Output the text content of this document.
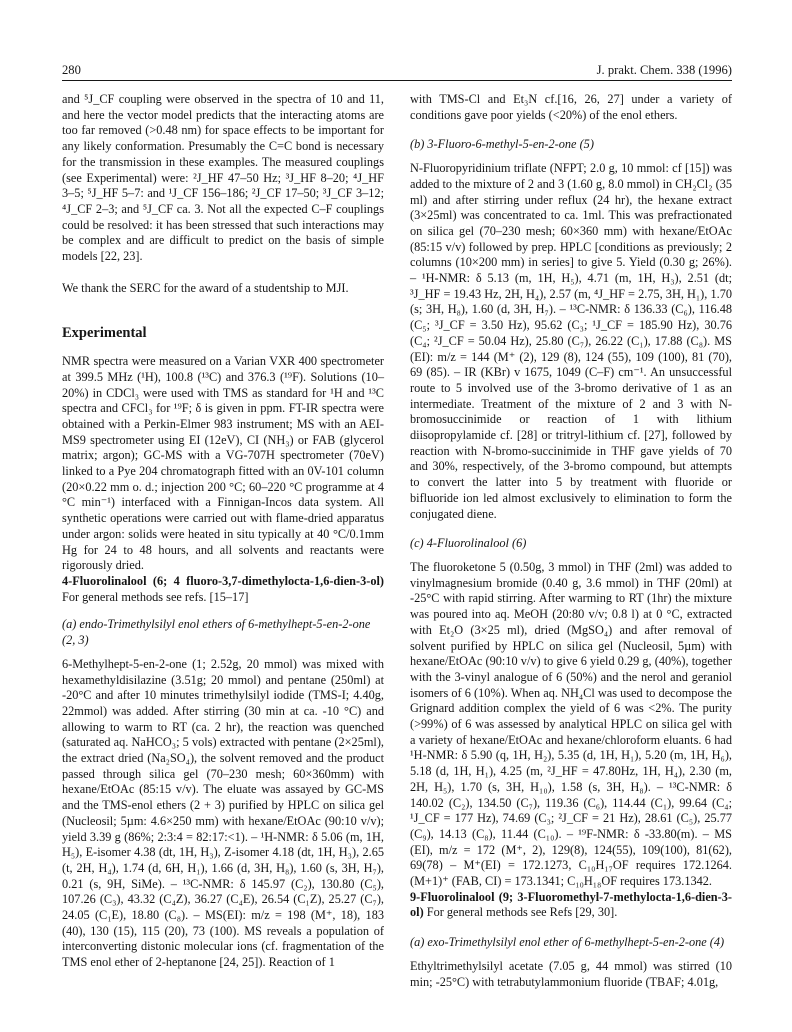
280	J. prakt. Chem. 338 (1996)

and ⁵J_CF coupling were observed in the spectra of 10 and 11, and here the vector model predicts that the interacting atoms are too far removed (>0.48 nm) for space effects to be important for any likely conformation. Presumably the C=C bond is necessary for the transmission in these examples. The measured couplings (see Experimental) were: ²J_HF 47–50 Hz; ³J_HF 8–20; ⁴J_HF 3–5; ⁵J_HF 5–7: and ¹J_CF 156–186; ²J_CF 17–50; ³J_CF 3–12; ⁴J_CF 2–3; and ⁵J_CF ca. 3. Not all the expected C–F couplings could be resolved: it has been stressed that such interactions may be complex and are difficult to predict on the basis of simple models [22, 23].

We thank the SERC for the award of a studentship to MJI.

Experimental

NMR spectra were measured on a Varian VXR 400 spectrometer at 399.5 MHz (¹H), 100.8 (¹³C) and 376.3 (¹⁹F). Solutions (10–20%) in CDCl₃ were used with TMS as standard for ¹H and ¹³C spectra and CFCl₃ for ¹⁹F; δ is given in ppm. FT-IR spectra were obtained with a Perkin-Elmer 983 instrument; MS with an AEI-MS9 spectrometer using EI (12eV), CI (NH₃) or FAB (glycerol matrix; argon); GC-MS with a VG-707H spectrometer (70eV) linked to a Pye 204 chromatograph fitted with an 0V-101 column (20×0.22 mm o. d.; injection 200 °C; 60–220 °C programme at 4 °C min⁻¹) interfaced with a Finnigan-Incos data system. All synthetic operations were carried out with flame-dried apparatus under argon: solids were heated in situ typically at 40 °C/0.1mm Hg for 24 to 48 hours, and all solvents and reactants were rigorously dried.

4-Fluorolinalool (6; 4 fluoro-3,7-dimethylocta-1,6-dien-3-ol) For general methods see refs. [15–17]

(a) endo-Trimethylsilyl enol ethers of 6-methylhept-5-en-2-one (2, 3)

6-Methylhept-5-en-2-one (1; 2.52g, 20 mmol) was mixed with hexamethyldisilazine (3.51g; 20 mmol) and pentane (250ml) at -20°C and after 10 minutes trimethylsilyl iodide (TMS-I; 4.40g, 22mmol) was added. After stirring (30 min at ca. -10 °C) and allowing to warm to RT (ca. 2 hr), the reaction was quenched (saturated aq. NaHCO₃; 5 vols) extracted with pentane (2×25ml), the extract dried (Na₂SO₄), the solvent removed and the product passed through silica gel (70–230 mesh; 60×360mm) with hexane/EtOAc (85:15 v/v). The eluate was assayed by GC-MS and the TMS-enol ethers (2 + 3) purified by HPLC on silica gel (Nucleosil; 5µm: 4.6×250 mm) with hexane/EtOAc (90:10 v/v); yield 3.39 g (86%; 2:3:4 = 82:17:<1). – ¹H-NMR: δ 5.06 (m, 1H, H₅), E-isomer 4.38 (dt, 1H, H₃), Z-isomer 4.18 (dt, 1H, H₃), 2.65 (t, 2H, H₄), 1.74 (d, 6H, H₁), 1.66 (d, 3H, H₈), 1.60 (s, 3H, H₇), 0.21 (s, 9H, SiMe). – ¹³C-NMR: δ 145.97 (C₂), 130.80 (C₅), 107.26 (C₃), 43.32 (C₄Z), 36.27 (C₄E), 26.54 (C₁Z), 25.27 (C₇), 24.05 (C₁E), 18.80 (C₈). – MS(EI): m/z = 198 (M⁺, 18), 183 (40), 130 (15), 115 (20), 73 (100). MS reveals a population of interconverting distonic molecular ions (cf. fragmentation of the TMS enol ether of 2-heptanone [24, 25]). Reaction of 1

with TMS-Cl and Et₃N cf.[16, 26, 27] under a variety of conditions gave poor yields (<20%) of the enol ethers.

(b) 3-Fluoro-6-methyl-5-en-2-one (5)

N-Fluoropyridinium triflate (NFPT; 2.0 g, 10 mmol: cf [15]) was added to the mixture of 2 and 3 (1.60 g, 8.0 mmol) in CH₂Cl₂ (35 ml) and after stirring under reflux (24 hr), the hexane extract (3×25ml) was concentrated to ca. 1ml. This was prefractionated on silica gel (70–230 mesh; 60×360 mm) with hexane/EtOAc (85:15 v/v) followed by prep. HPLC [conditions as previously; 2 columns (10×200 mm) in series] to give 5. Yield (0.30 g; 26%). – ¹H-NMR: δ 5.13 (m, 1H, H₅), 4.71 (m, 1H, H₃), 2.51 (dt; ³J_HF = 19.43 Hz, 2H, H₄), 2.57 (m, ⁴J_HF = 2.75, 3H, H₁), 1.70 (s; 3H, H₈), 1.60 (d, 3H, H₇). – ¹³C-NMR: δ 136.33 (C₆), 116.48 (C₅; ³J_CF = 3.50 Hz), 95.62 (C₃; ¹J_CF = 185.90 Hz), 30.76 (C₄; ²J_CF = 50.04 Hz), 25.80 (C₇), 26.22 (C₁), 17.88 (C₈). MS (EI): m/z = 144 (M⁺ (2), 129 (8), 124 (55), 109 (100), 81 (70), 69 (85). – IR (KBr) v 1675, 1049 (C–F) cm⁻¹. An unsuccessful route to 5 involved use of the 3-bromo derivative of 1 as an intermediate. Treatment of the mixture of 2 and 3 with N-bromosuccinimide or reaction of 1 with lithium diisopropylamide cf. [28] or tritryl-lithium cf. [27], followed by reaction with N-bromo-succinimide in THF gave yields of 70 and 30%, respectively, of the 3-bromo compound, but attempts to convert the latter into 5 by treatment with fluoride or bifluoride ion led almost exclusively to elimination to form the conjugated diene.

(c) 4-Fluorolinalool (6)

The fluoroketone 5 (0.50g, 3 mmol) in THF (2ml) was added to vinylmagnesium bromide (0.40 g, 3.6 mmol) in THF (20ml) at -25°C with rapid stirring. After warming to RT (1hr) the mixture was poured into aq. MeOH (20:80 v/v; 0.8 l) at 0 °C, extracted with Et₂O (3×25 ml), dried (MgSO₄) and after removal of solvent purified by HPLC on silica gel (Nucleosil, 5µm) with hexane/EtOAc (90:10 v/v) to give 6 yield 0.29 g, (40%), together with the 3-vinyl analogue of 6 (50%) and the nerol and geraniol isomers of 6 (10%). When aq. NH₄Cl was used to decompose the Grignard addition complex the yield of 6 was <2%. The purity (>99%) of 6 was assessed by analytical HPLC on silica gel with a variety of hexane/EtOAc and hexane/chloroform eluants. 6 had ¹H-NMR: δ 5.90 (q, 1H, H₂), 5.35 (d, 1H, H₁), 5.20 (m, 1H, H₆), 5.18 (d, 1H, H₁), 4.25 (m, ²J_HF = 47.80Hz, 1H, H₄), 2.30 (m, 2H, H₅), 1.70 (s, 3H, H₁₀), 1.58 (s, 3H, H₈). – ¹³C-NMR: δ 140.02 (C₂), 134.50 (C₇), 119.36 (C₆), 114.44 (C₁), 99.64 (C₄; ¹J_CF = 177 Hz), 74.69 (C₃; ²J_CF = 21 Hz), 28.61 (C₅), 25.77 (C₉), 14.13 (C₈), 11.44 (C₁₀). – ¹⁹F-NMR: δ -33.80(m). – MS (EI), m/z = 172 (M⁺, 2), 129(8), 124(55), 109(100), 81(62), 69(78) – M⁺(EI) = 172.1273, C₁₀H₁₇OF requires 172.1264. (M+1)⁺ (FAB, CI) = 173.1341; C₁₀H₁₈OF requires 173.1342.

9-Fluorolinalool (9; 3-Fluoromethyl-7-methylocta-1,6-dien-3-ol) For general methods see Refs [29, 30].

(a) exo-Trimethylsilyl enol ether of 6-methylhept-5-en-2-one (4)

Ethyltrimethylsilyl acetate (7.05 g, 44 mmol) was stirred (10 min; -25°C) with tetrabutylammonium fluoride (TBAF; 4.01g,
